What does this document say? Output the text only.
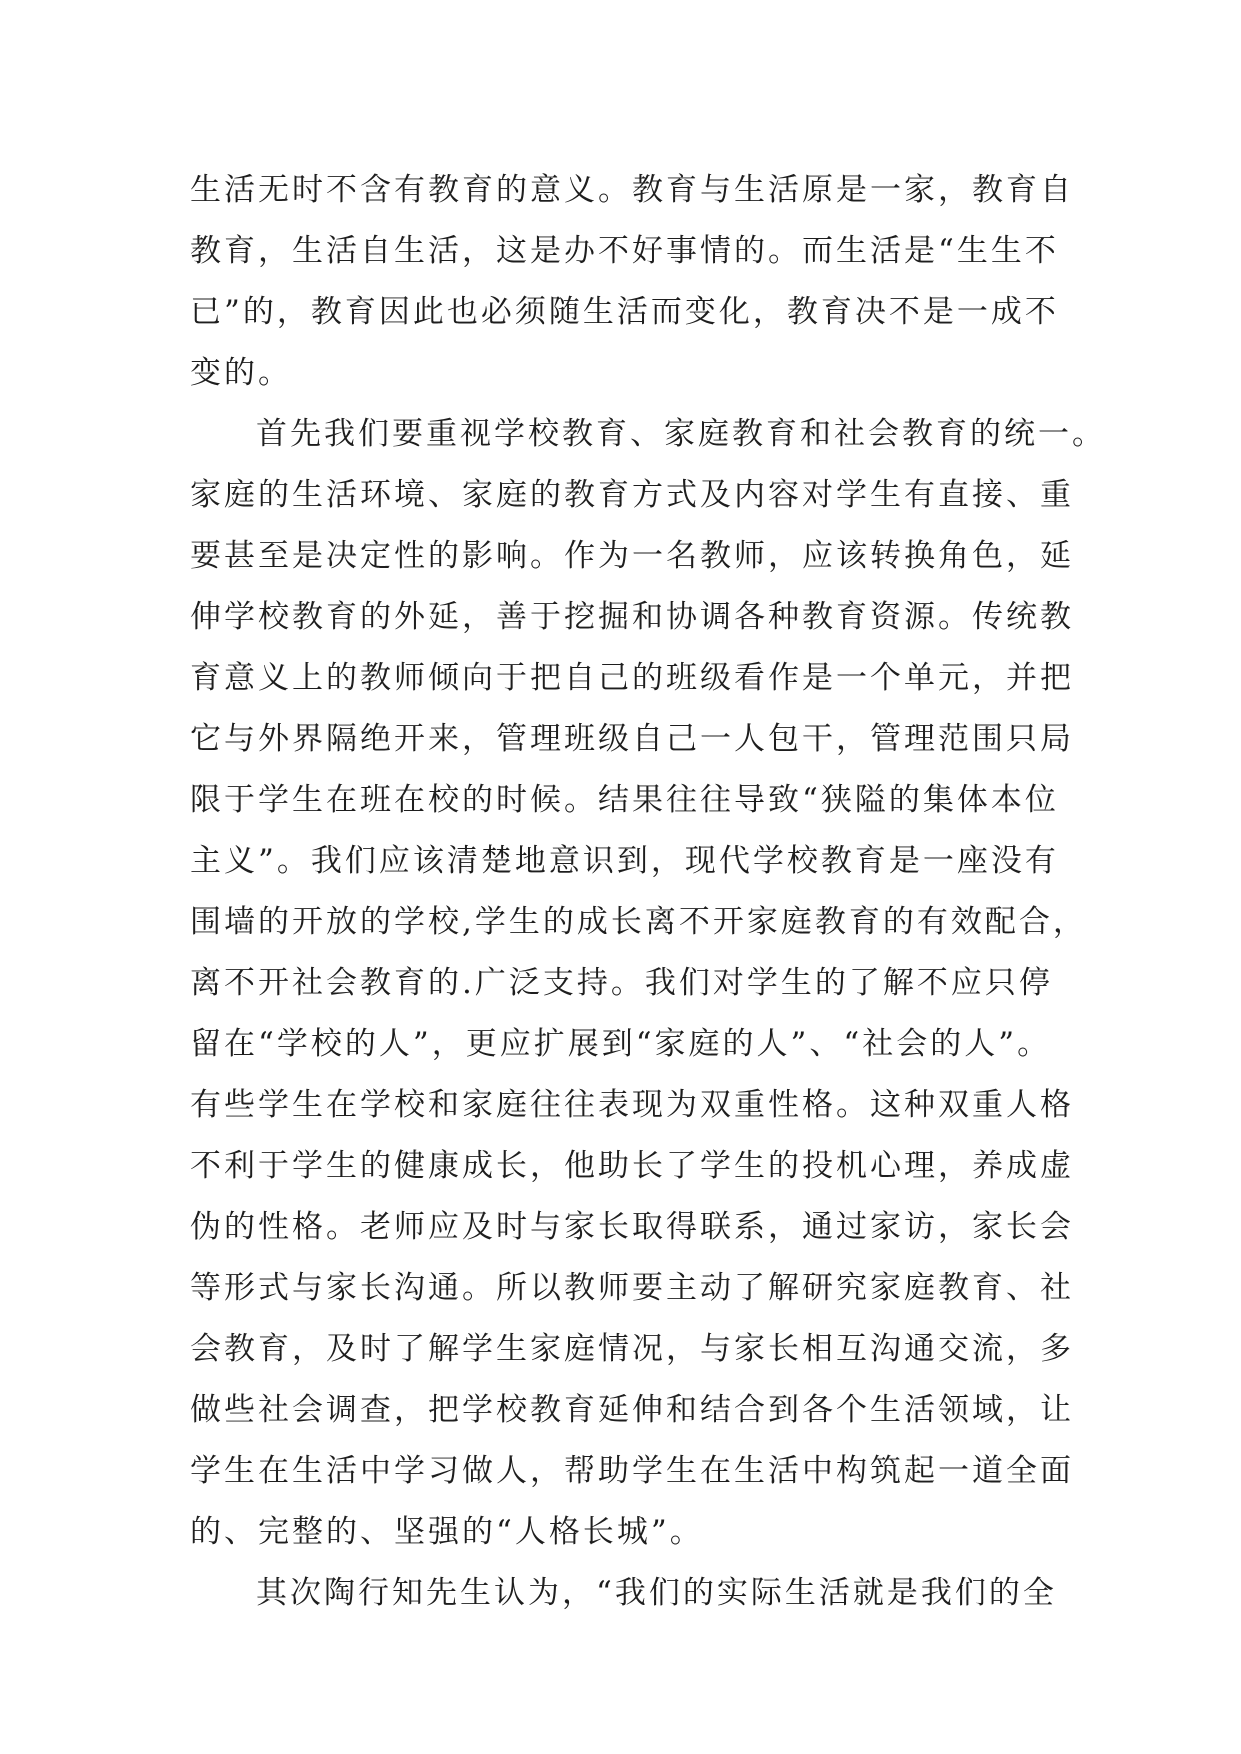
生活无时不含有教育的意义。教育与生活原是一家，教育自
教育，生活自生活，这是办不好事情的。而生活是“生生不
已”的，教育因此也必须随生活而变化，教育决不是一成不
变的。
首先我们要重视学校教育、家庭教育和社会教育的统一。
家庭的生活环境、家庭的教育方式及内容对学生有直接、重
要甚至是决定性的影响。作为一名教师，应该转换角色，延
伸学校教育的外延，善于挖掘和协调各种教育资源。传统教
育意义上的教师倾向于把自己的班级看作是一个单元，并把
它与外界隔绝开来，管理班级自己一人包干，管理范围只局
限于学生在班在校的时候。结果往往导致“狭隘的集体本位
主义”。我们应该清楚地意识到，现代学校教育是一座没有
围墙的开放的学校,学生的成长离不开家庭教育的有效配合，
离不开社会教育的.广泛支持。我们对学生的了解不应只停
留在“学校的人”，更应扩展到“家庭的人”、“社会的人”。
有些学生在学校和家庭往往表现为双重性格。这种双重人格
不利于学生的健康成长，他助长了学生的投机心理，养成虚
伪的性格。老师应及时与家长取得联系，通过家访，家长会
等形式与家长沟通。所以教师要主动了解研究家庭教育、社
会教育，及时了解学生家庭情况，与家长相互沟通交流，多
做些社会调查，把学校教育延伸和结合到各个生活领域，让
学生在生活中学习做人，帮助学生在生活中构筑起一道全面
的、完整的、坚强的“人格长城”。
其次陶行知先生认为，“我们的实际生活就是我们的全
